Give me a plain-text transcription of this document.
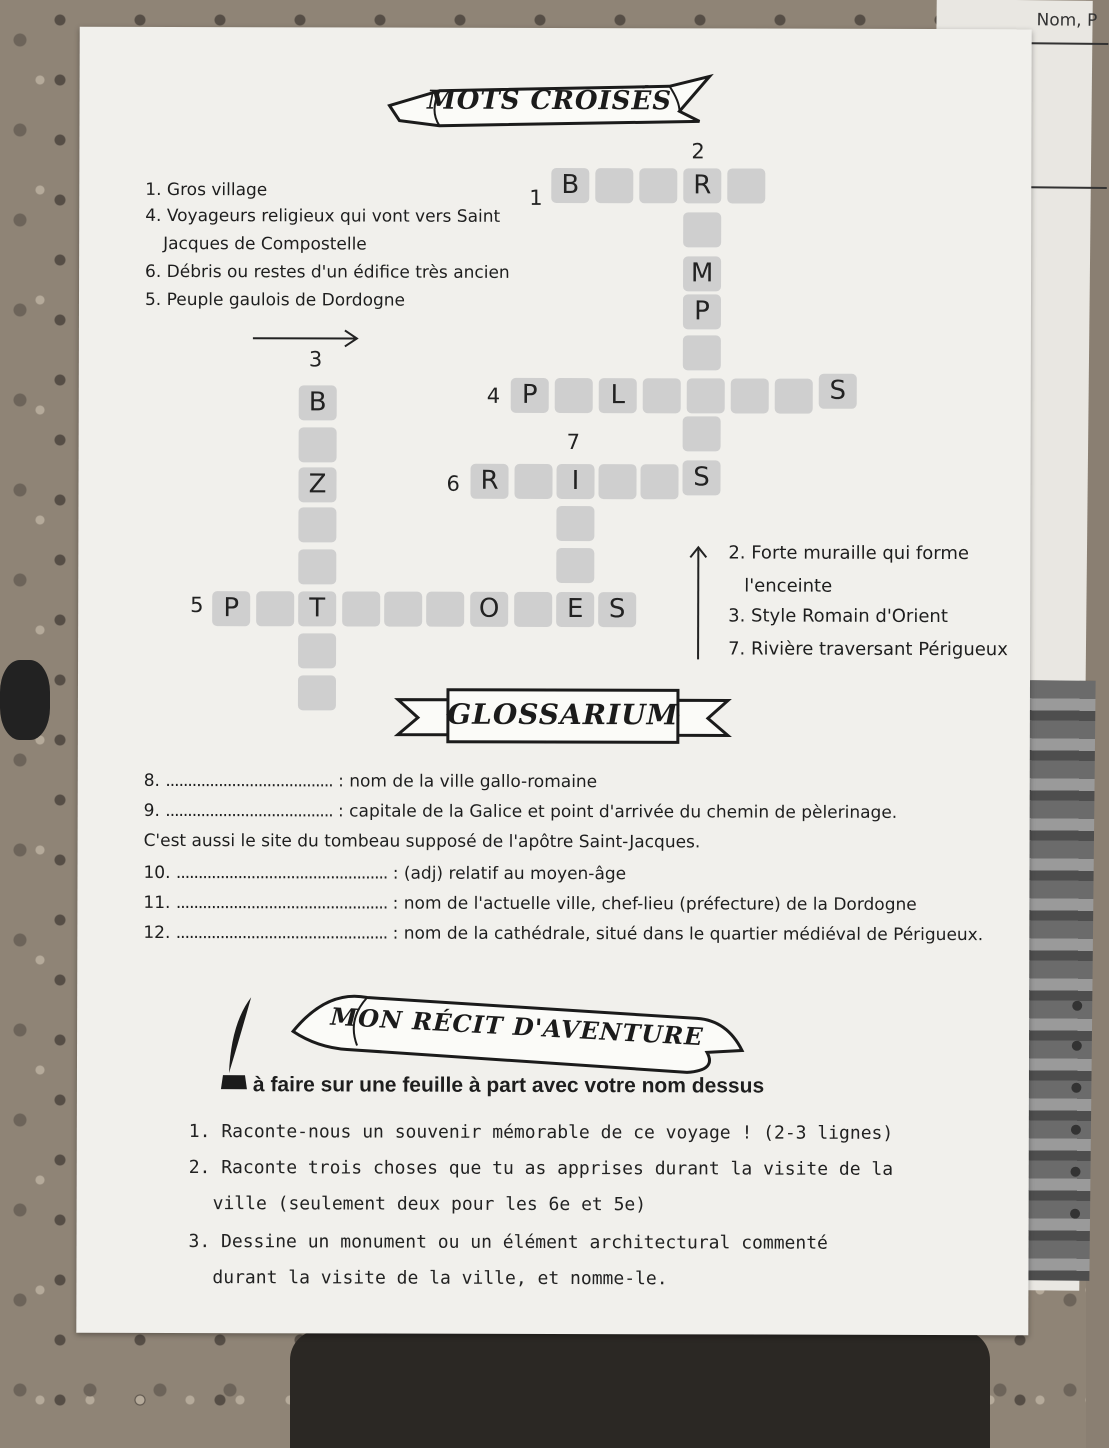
Nom, P
MOTS CROISÉS
1. Gros village
4. Voyageurs religieux qui vont vers Saint
Jacques de Compostelle
6. Débris ou restes d'un édifice très ancien
5. Peuple gaulois de Dordogne
2. Forte muraille qui forme
l'enceinte
3. Style Romain d'Orient
7. Rivière traversant Périgueux
1
2
3
4
5
6
7
B	R
M
P
S
P	L	S
R	I
B
Z
P	T	O	E S
GLOSSARIUM
8. ...................................... : nom de la ville gallo-romaine
9. ...................................... : capitale de la Galice et point d'arrivée du chemin de pèlerinage.
C'est aussi le site du tombeau supposé de l'apôtre Saint-Jacques.
10. ................................................ : (adj) relatif au moyen-âge
11. ................................................ : nom de l'actuelle ville, chef-lieu (préfecture) de la Dordogne
12. ................................................ : nom de la cathédrale, situé dans le quartier médiéval de Périgueux.
MON RÉCIT D'AVENTURE
à faire sur une feuille à part avec votre nom dessus
1. Raconte-nous un souvenir mémorable de ce voyage ! (2-3 lignes)
2. Raconte trois choses que tu as apprises durant la visite de la
ville (seulement deux pour les 6e et 5e)
3. Dessine un monument ou un élément architectural commenté
durant la visite de la ville, et nomme-le.
